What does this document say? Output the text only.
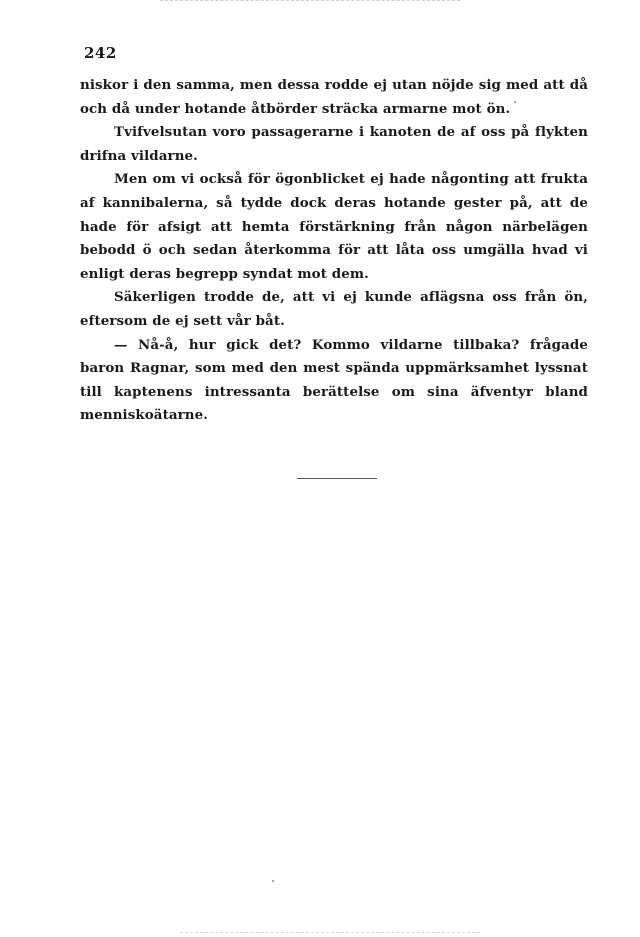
242

niskor i den samma, men dessa rodde ej utan nöjde sig med att då och då under hotande åtbörder sträcka armarne mot ön.

Tvifvelsutan voro passagerarne i kanoten de af oss på flykten drifna vildarne.

Men om vi också för ögonblicket ej hade någonting att frukta af kannibalerna, så tydde dock deras hotande gester på, att de hade för afsigt att hemta förstärkning från någon närbelägen bebodd ö och sedan återkomma för att låta oss umgälla hvad vi enligt deras begrepp syndat mot dem.

Säkerligen trodde de, att vi ej kunde aflägsna oss från ön, eftersom de ej sett vår båt.

— Nå-å, hur gick det? Kommo vildarne tillbaka? frågade baron Ragnar, som med den mest spända uppmärksamhet lyssnat till kaptenens intressanta berättelse om sina äfventyr bland menniskoätarne.
